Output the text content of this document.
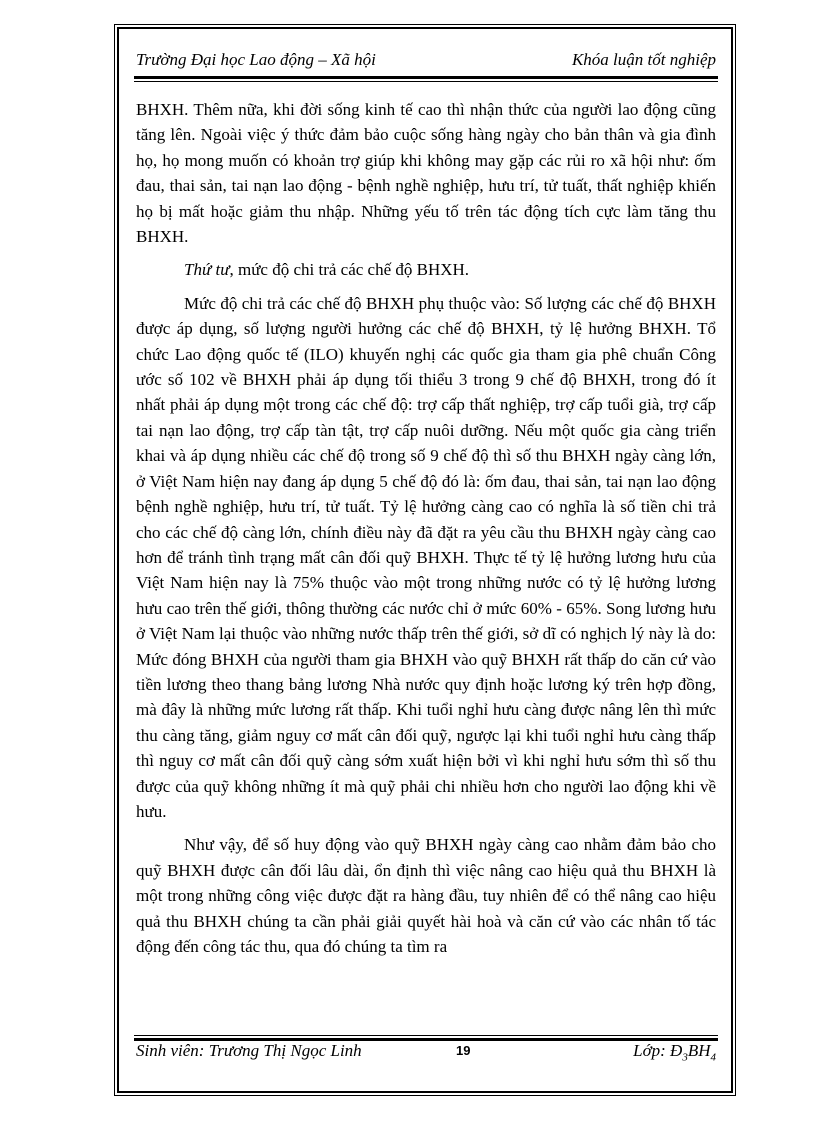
Trường Đại học Lao động – Xã hội	Khóa luận tốt nghiệp

BHXH. Thêm nữa, khi đời sống kinh tế cao thì nhận thức của người lao động cũng tăng lên. Ngoài việc ý thức đảm bảo cuộc sống hàng ngày cho bản thân và gia đình họ, họ mong muốn có khoản trợ giúp khi không may gặp các rủi ro xã hội như: ốm đau, thai sản, tai nạn lao động - bệnh nghề nghiệp, hưu trí, tử tuất, thất nghiệp khiến họ bị mất hoặc giảm thu nhập. Những yếu tố trên tác động tích cực làm tăng thu BHXH.

Thứ tư, mức độ chi trả các chế độ BHXH.

Mức độ chi trả các chế độ BHXH phụ thuộc vào: Số lượng các chế độ BHXH được áp dụng, số lượng người hưởng các chế độ BHXH, tỷ lệ hưởng BHXH. Tổ chức Lao động quốc tế (ILO) khuyến nghị các quốc gia tham gia phê chuẩn Công ước số 102 về BHXH phải áp dụng tối thiểu 3 trong 9 chế độ BHXH, trong đó ít nhất phải áp dụng một trong các chế độ: trợ cấp thất nghiệp, trợ cấp tuổi già, trợ cấp tai nạn lao động, trợ cấp tàn tật, trợ cấp nuôi dưỡng. Nếu một quốc gia càng triển khai và áp dụng nhiều các chế độ trong số 9 chế độ thì số thu BHXH ngày càng lớn, ở Việt Nam hiện nay đang áp dụng 5 chế độ đó là: ốm đau, thai sản, tai nạn lao động bệnh nghề nghiệp, hưu trí, tử tuất. Tỷ lệ hưởng càng cao có nghĩa là số tiền chi trả cho các chế độ càng lớn, chính điều này đã đặt ra yêu cầu thu BHXH ngày càng cao hơn để tránh tình trạng mất cân đối quỹ BHXH. Thực tế tỷ lệ hưởng lương hưu của Việt Nam hiện nay là 75% thuộc vào một trong những nước có tỷ lệ hưởng lương hưu cao trên thế giới, thông thường các nước chỉ ở mức 60% - 65%. Song lương hưu ở Việt Nam lại thuộc vào những nước thấp trên thế giới, sở dĩ có nghịch lý này là do: Mức đóng BHXH của người tham gia BHXH vào quỹ BHXH rất thấp do căn cứ vào tiền lương theo thang bảng lương Nhà nước quy định hoặc lương ký trên hợp đồng, mà đây là những mức lương rất thấp. Khi tuổi nghỉ hưu càng được nâng lên thì mức thu càng tăng, giảm nguy cơ mất cân đối quỹ, ngược lại khi tuổi nghỉ hưu càng thấp thì nguy cơ mất cân đối quỹ càng sớm xuất hiện bởi vì khi nghỉ hưu sớm thì số thu được của quỹ không những ít mà quỹ phải chi nhiều hơn cho người lao động khi về hưu.

Như vậy, để số huy động vào quỹ BHXH ngày càng cao nhằm đảm bảo cho quỹ BHXH được cân đối lâu dài, ổn định thì việc nâng cao hiệu quả thu BHXH là một trong những công việc được đặt ra hàng đầu, tuy nhiên để có thể nâng cao hiệu quả thu BHXH chúng ta cần phải giải quyết hài hoà và căn cứ vào các nhân tố tác động đến công tác thu, qua đó chúng ta tìm ra

Sinh viên: Trương Thị Ngọc Linh	19	Lớp: $Đ_3BH_4$
